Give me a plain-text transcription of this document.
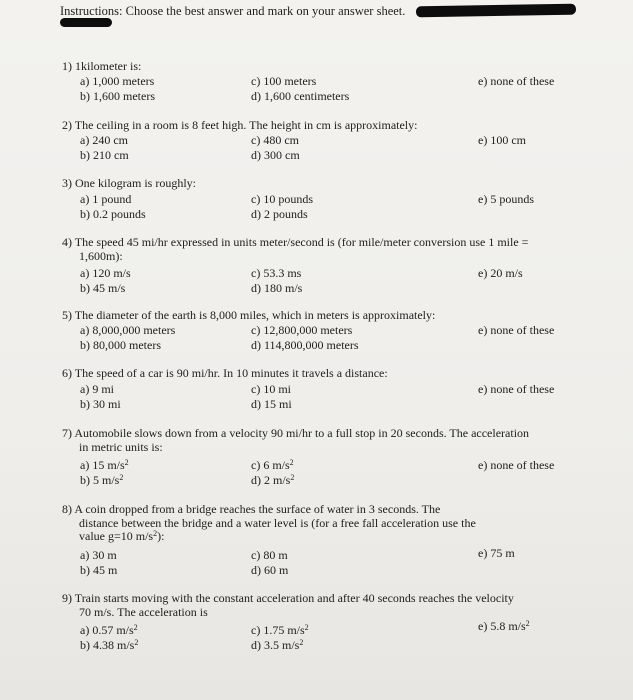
Instructions: Choose the best answer and mark on your answer sheet.

1) 1kilometer is:

a) 1,000 meters
b) 1,600 meters
c) 100 meters
d) 1,600 centimeters
e) none of these

2) The ceiling in a room is 8 feet high. The height in cm is approximately:

a) 240 cm
b) 210 cm
c) 480 cm
d) 300 cm
e) 100 cm

3) One kilogram is roughly:

a) 1 pound
b) 0.2 pounds
c) 10 pounds
d) 2 pounds
e) 5 pounds

4) The speed 45 mi/hr expressed in units meter/second is (for mile/meter conversion use 1 mile =

1,600m):

a) 120 m/s
b) 45 m/s
c) 53.3 ms
d) 180 m/s
e) 20 m/s

5) The diameter of the earth is 8,000 miles, which in meters is approximately:

a) 8,000,000 meters
b) 80,000 meters
c) 12,800,000 meters
d) 114,800,000 meters
e) none of these

6) The speed of a car is 90 mi/hr. In 10 minutes it travels a distance:

a) 9 mi
b) 30 mi
c) 10 mi
d) 15 mi
e) none of these

7) Automobile slows down from a velocity 90 mi/hr to a full stop in 20 seconds. The acceleration

in metric units is:

a) 15 $m/s^2$
b) 5 $m/s^2$
c) 6 $m/s^2$
d) 2 $m/s^2$
e) none of these

8) A coin dropped from a bridge reaches the surface of water in 3 seconds. The

distance between the bridge and a water level is (for a free fall acceleration use the

value g=10 $m/s^2$):

a) 30 m
b) 45 m
c) 80 m
d) 60 m
e) 75 m

9) Train starts moving with the constant acceleration and after 40 seconds reaches the velocity

70 m/s. The acceleration is

a) 0.57 $m/s^2$
b) 4.38 $m/s^2$
c) 1.75 $m/s^2$
d) 3.5 $m/s^2$
e) 5.8 $m/s^2$
